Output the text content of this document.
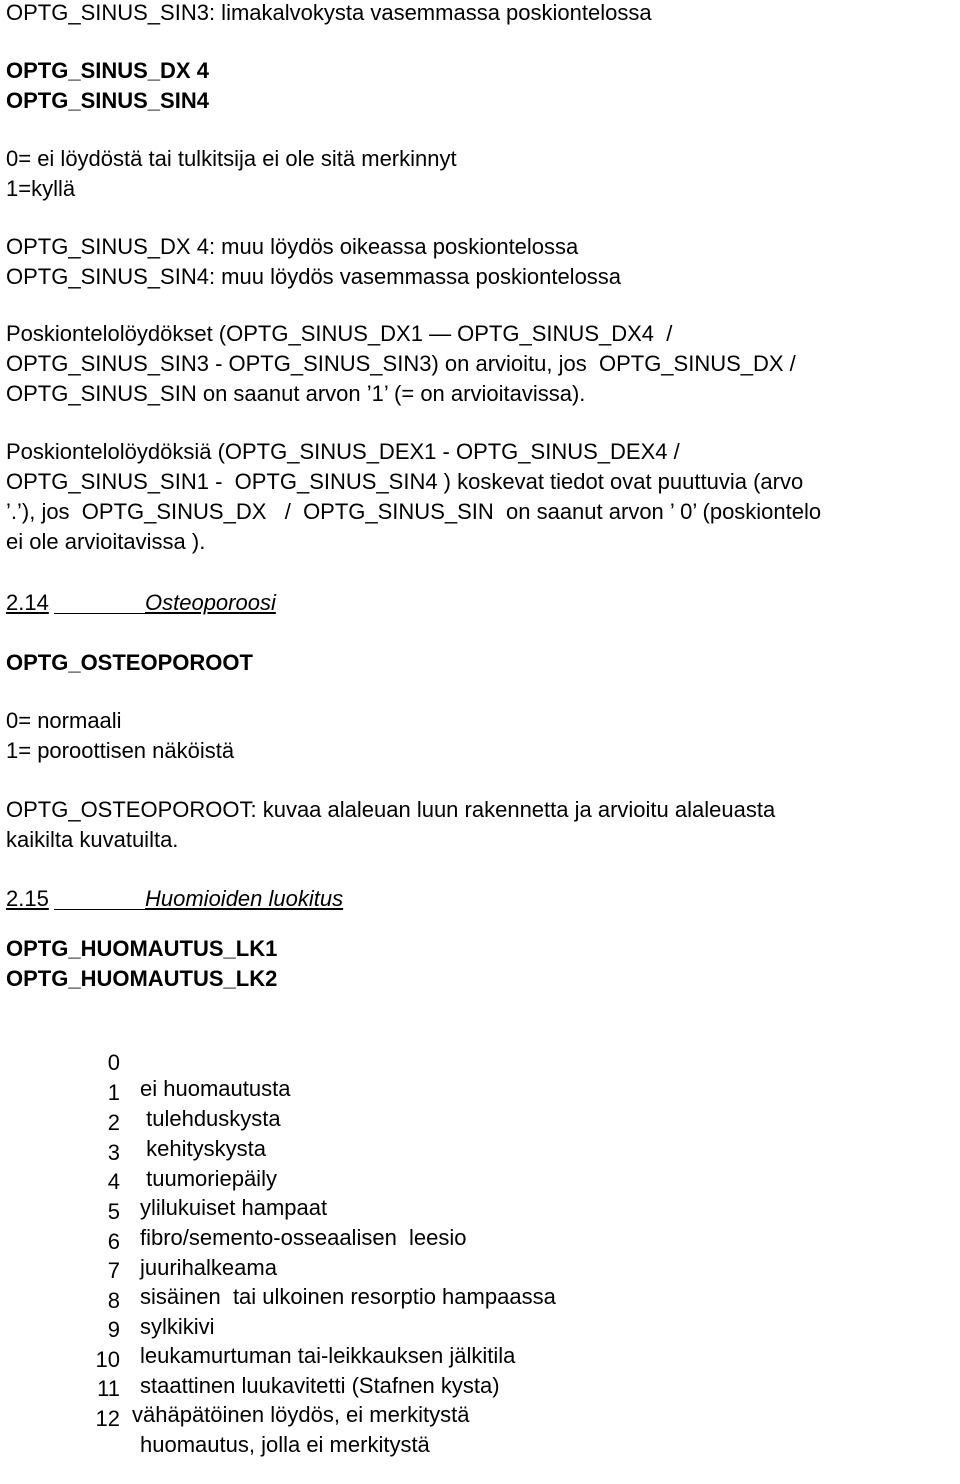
OPTG_SINUS_SIN3: limakalvokysta vasemmassa poskiontelossa

OPTG_SINUS_DX 4

OPTG_SINUS_SIN4

0= ei löydöstä tai tulkitsija ei ole sitä merkinnyt

1=kyllä

OPTG_SINUS_DX 4: muu löydös oikeassa poskiontelossa

OPTG_SINUS_SIN4: muu löydös vasemmassa poskiontelossa

Poskiontelolöydökset (OPTG_SINUS_DX1 — OPTG_SINUS_DX4  /

OPTG_SINUS_SIN3 - OPTG_SINUS_SIN3) on arvioitu, jos  OPTG_SINUS_DX /

OPTG_SINUS_SIN on saanut arvon ’1’ (= on arvioitavissa).

Poskiontelolöydöksiä (OPTG_SINUS_DEX1 - OPTG_SINUS_DEX4 /

OPTG_SINUS_SIN1 -  OPTG_SINUS_SIN4 ) koskevat tiedot ovat puuttuvia (arvo

’.’), jos  OPTG_SINUS_DX   /  OPTG_SINUS_SIN  on saanut arvon ’ 0’ (poskiontelo

ei ole arvioitavissa ).

2.14	Osteoporoosi

OPTG_OSTEOPOROOT

0= normaali

1= poroottisen näköistä

OPTG_OSTEOPOROOT: kuvaa alaleuan luun rakennetta ja arvioitu alaleuasta

kaikilta kuvatuilta.

2.15	Huomioiden luokitus

OPTG_HUOMAUTUS_LK1

OPTG_HUOMAUTUS_LK2

0

ei huomautusta

1

tulehduskysta

2

kehityskysta

3

tuumoriepäily

4

ylilukuiset hampaat

5

fibro/semento-osseaalisen  leesio

6

juurihalkeama

7

sisäinen  tai ulkoinen resorptio hampaassa

8

sylkikivi

9

leukamurtuman tai-leikkauksen jälkitila

10

staattinen luukavitetti (Stafnen kysta)

11

vähäpätöinen löydös, ei merkitystä

12

huomautus, jolla ei merkitystä
